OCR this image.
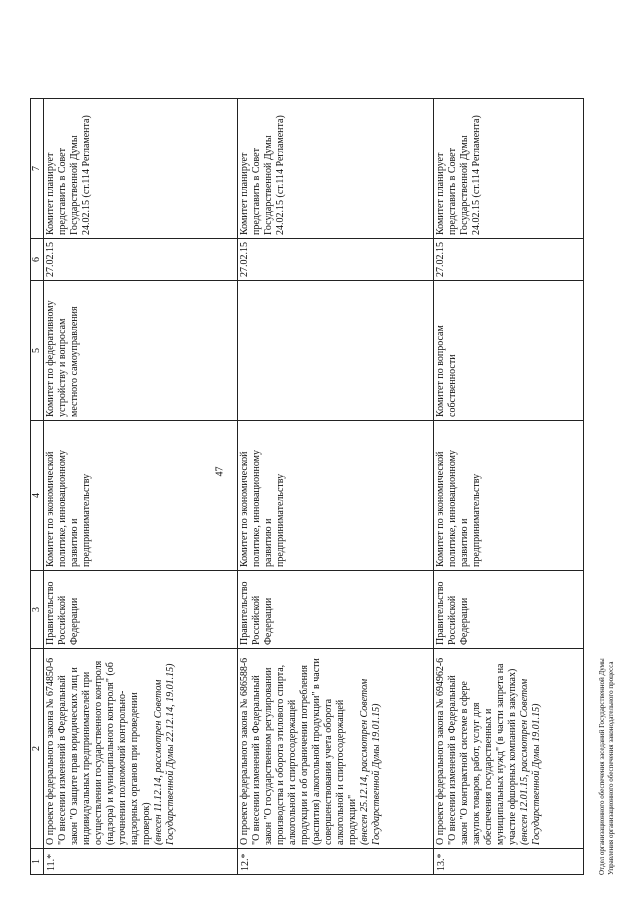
47
1	2	3	4	5	6	7
11.*	О проекте федерального закона № 674850-6 "О внесении изменений в Федеральный закон "О защите прав юридических лиц и индивидуальных предпринимателей при осуществлении государственного контроля (надзора) и муниципального контроля" (об уточнении полномочий контрольно-надзорных органов при проведении проверок) (внесен 11.12.14, рассмотрен Советом Государственной Думы 22.12.14, 19.01.15)	Правительство Российской Федерации	Комитет по экономической политике, инновационному развитию и предпринимательству	Комитет по федеративному устройству и вопросам местного самоуправления	27.02.15	Комитет планирует представить в Совет Государственной Думы 24.02.15 (ст.114 Регламента)
12.*	О проекте федерального закона № 686588-6 "О внесении изменений в Федеральный закон "О государственном регулировании производства и оборота этилового спирта, алкогольной и спиртосодержащей продукции и об ограничении потребления (распития) алкогольной продукции" в части совершенствования учета оборота алкогольной и спиртосодержащей продукции" (внесен 25.12.14, рассмотрен Советом Государственной Думы 19.01.15)	Правительство Российской Федерации	Комитет по экономической политике, инновационному развитию и предпринимательству		27.02.15	Комитет планирует представить в Совет Государственной Думы 24.02.15 (ст.114 Регламента)
13.*	О проекте федерального закона № 694962-6 "О внесении изменений в Федеральный закон "О контрактной системе в сфере закупок товаров, работ, услуг для обеспечения государственных и муниципальных нужд" (в части запрета на участие офшорных компаний в закупках) (внесен 12.01.15, рассмотрен Советом Государственной Думы 19.01.15)	Правительство Российской Федерации	Комитет по экономической политике, инновационному развитию и предпринимательству	Комитет по вопросам собственности	27.02.15	Комитет планирует представить в Совет Государственной Думы 24.02.15 (ст.114 Регламента)
Отдел организационного обеспечения заседаний Государственной Думы Управления организационного обеспечения законодательного процесса
